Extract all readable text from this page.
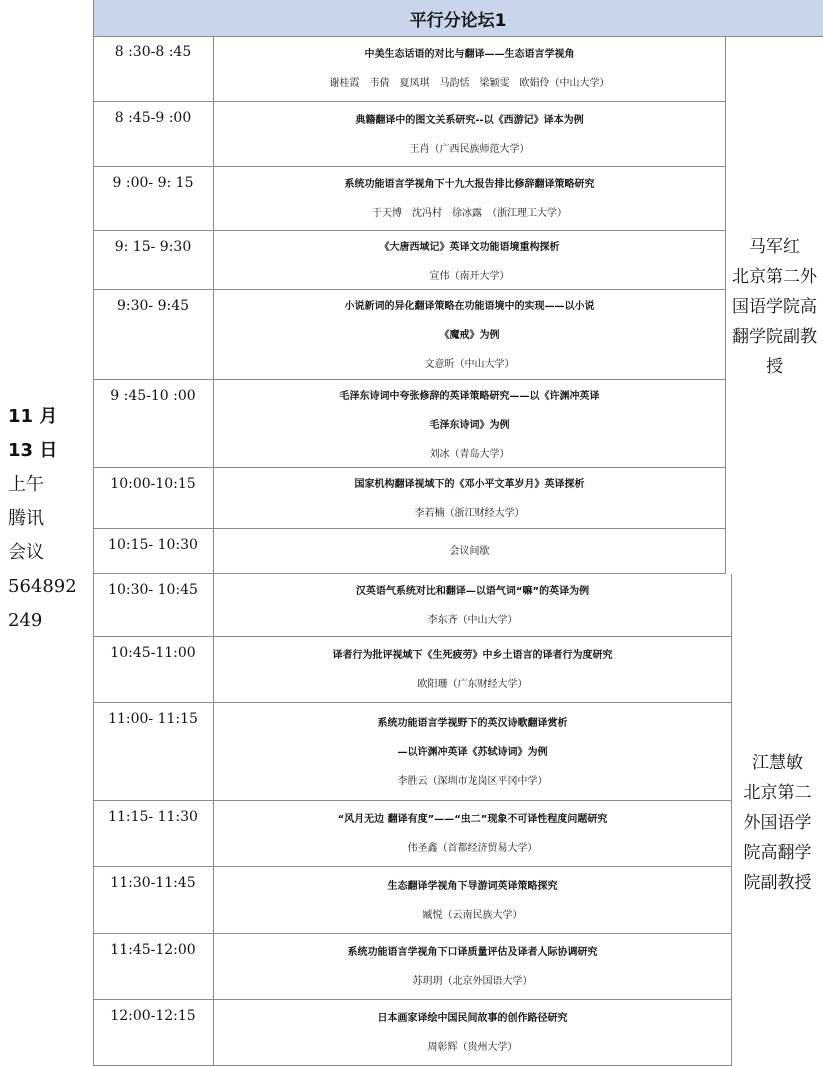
平行分论坛1
11 月
13 日
上午
腾讯
会议
564892
249
8 :30-8 :45	中美生态话语的对比与翻译——生态语言学视角
谢桂霞　韦倩　夏凤琪　马韵恬　梁颖雯　欧娟伶（中山大学）
8 :45-9 :00	典籍翻译中的图文关系研究--以《西游记》译本为例
王肖（广西民族师范大学）
9 :00- 9: 15	系统功能语言学视角下十九大报告排比修辞翻译策略研究
于天博　沈冯村　徐冰露　（浙江理工大学）
9: 15- 9:30	《大唐西域记》英译文功能语境重构探析
宣伟（南开大学）
9:30- 9:45	小说新词的异化翻译策略在功能语境中的实现——以小说
《魔戒》为例
文意昕（中山大学）
9 :45-10 :00	毛泽东诗词中夸张修辞的英译策略研究——以《许渊冲英译
毛泽东诗词》为例
刘冰（青岛大学）
10:00-10:15	国家机构翻译视域下的《邓小平文革岁月》英译探析
李若楠（浙江财经大学）
10:15- 10:30	会议间歇
10:30- 10:45	汉英语气系统对比和翻译—以语气词“嘛”的英译为例
李东齐（中山大学）
10:45-11:00	译者行为批评视域下《生死疲劳》中乡土语言的译者行为度研究
欧阳珊（广东财经大学）
11:00- 11:15	系统功能语言学视野下的英汉诗歌翻译赏析
—以许渊冲英译《苏轼诗词》为例
李胜云（深圳市龙岗区平冈中学）
11:15- 11:30	“风月无边 翻译有度”——“虫二”现象不可译性程度问题研究
伟圣鑫（首都经济贸易大学）
11:30-11:45	生态翻译学视角下导游词英译策略探究
臧悦（云南民族大学）
11:45-12:00	系统功能语言学视角下口译质量评估及译者人际协调研究
苏玥玥（北京外国语大学）
12:00-12:15	日本画家译绘中国民间故事的创作路径研究
周彰辉（贵州大学）
马军红
北京第二外
国语学院高
翻学院副教
授
江慧敏
北京第二
外国语学
院高翻学
院副教授
